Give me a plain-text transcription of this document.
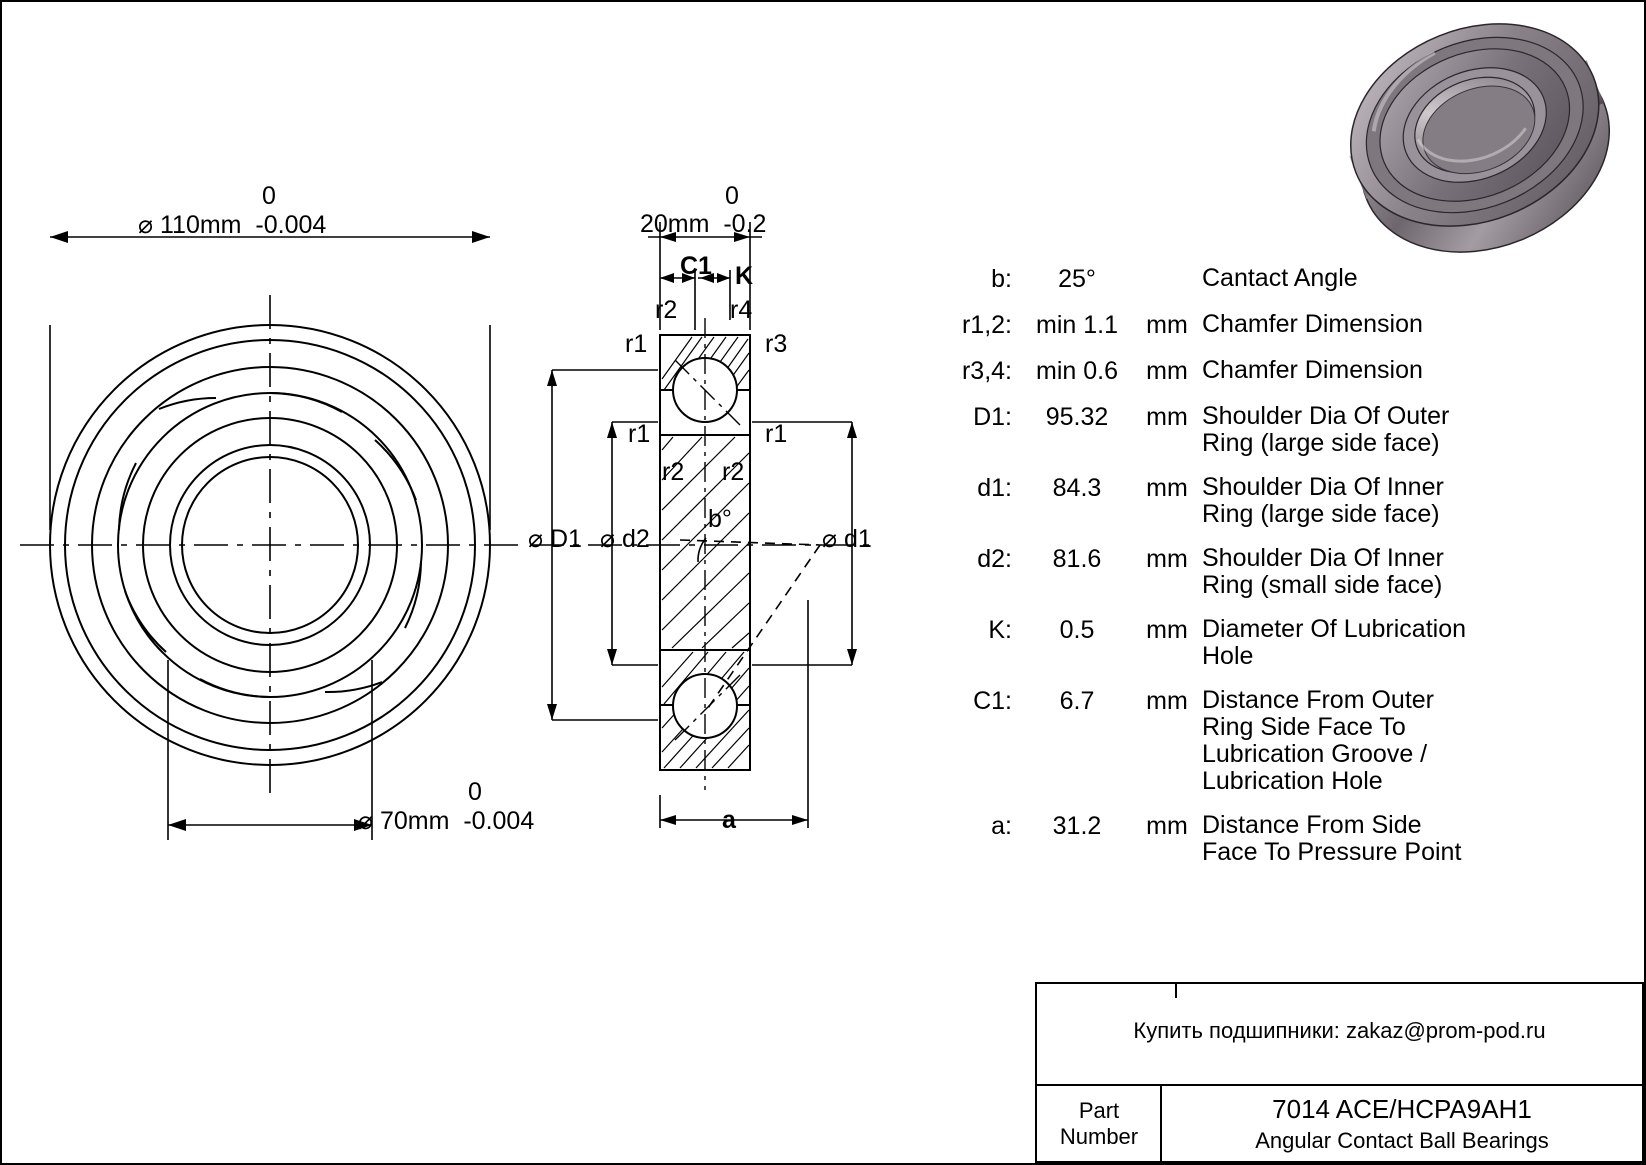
0
⌀ 110mm  -0.004
0
⌀ 70mm  -0.004
0
20mm  -0.2
C1 K
r2 r4
r1	r3
r1	r1
r2 r2
b°
⌀ D1 ⌀ d2	⌀ d1
a
b:	25°	Cantact Angle
r1,2: min 1.1	mm Chamfer Dimension
r3,4: min 0.6	mm Chamfer Dimension
D1:	95.32	mm Shoulder Dia Of Outer Ring (large side face)
d1:	84.3	mm Shoulder Dia Of Inner Ring (large side face)
d2:	81.6	mm Shoulder Dia Of Inner Ring (small side face)
K:	0.5	mm Diameter Of Lubrication Hole
C1:	6.7	mm Distance From Outer Ring Side Face To Lubrication Groove / Lubrication Hole
a:	31.2	mm Distance From Side Face To Pressure Point
Купить подшипники: zakaz@prom-pod.ru
Part
Number
7014 ACE/HCPA9AH1
Angular Contact Ball Bearings
